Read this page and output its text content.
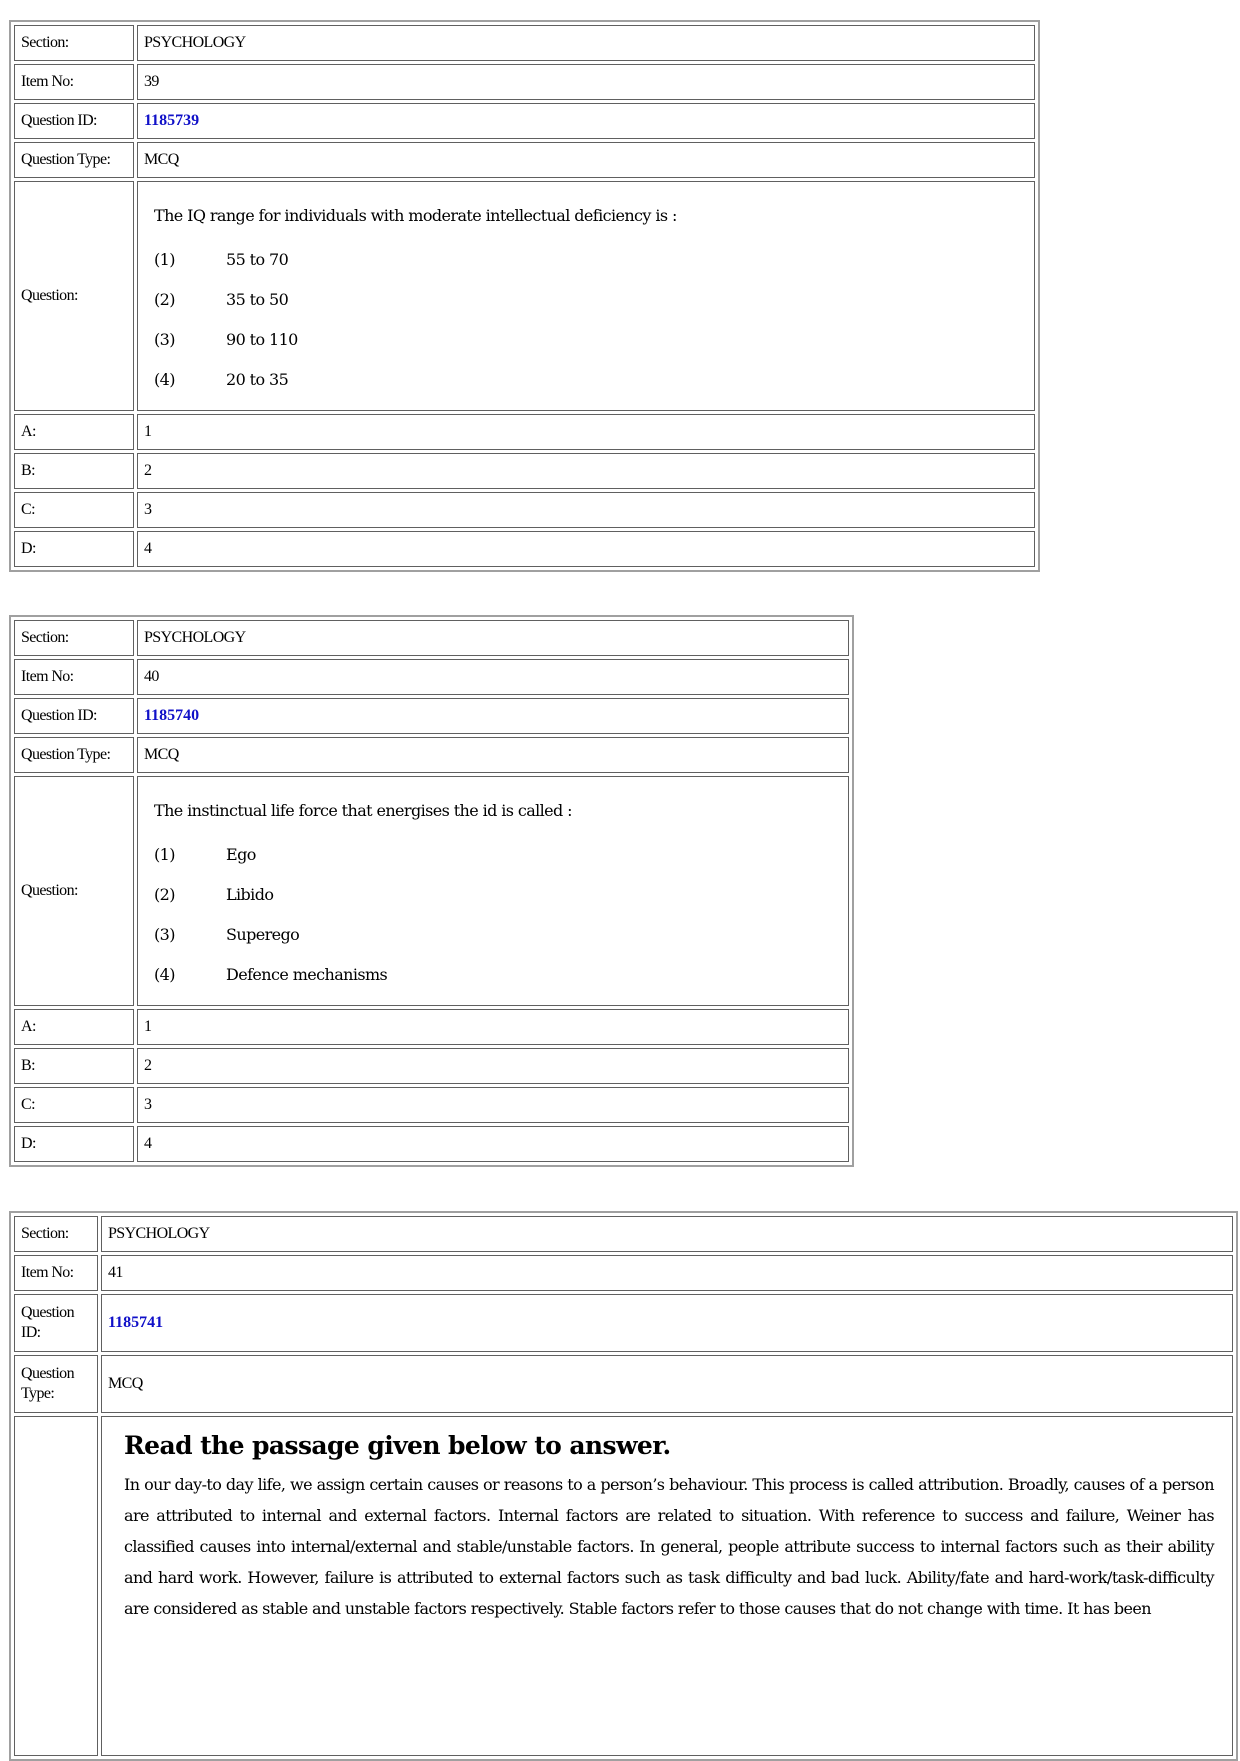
Section:	PSYCHOLOGY
Item No:	39
Question ID:	1185739
Question Type:	MCQ
Question:	The IQ range for individuals with moderate intellectual deficiency is :
(1) 55 to 70
(2) 35 to 50
(3) 90 to 110
(4) 20 to 35

A:	1
B:	2
C:	3
D:	4
Section:	PSYCHOLOGY
Item No:	40
Question ID:	1185740
Question Type:	MCQ
Question:	The instinctual life force that energises the id is called :
(1) Ego
(2) Libido
(3) Superego
(4) Defence mechanisms

A:	1
B:	2
C:	3
D:	4
Section:	PSYCHOLOGY
Item No:	41
Question ID:	1185741
Question Type:	MCQ

	Read the passage given below to answer.

In our day-to day life, we assign certain causes or reasons to a person’s behaviour. This process is called attribution. Broadly, causes of a person are attributed to internal and external factors. Internal factors are related to situation. With reference to success and failure, Weiner has classified causes into internal/external and stable/unstable factors. In general, people attribute success to internal factors such as their ability and hard work. However, failure is attributed to external factors such as task difficulty and bad luck. Ability/fate and hard-work/task-difficulty are considered as stable and unstable factors respectively. Stable factors refer to those causes that do not change with time. It has been
